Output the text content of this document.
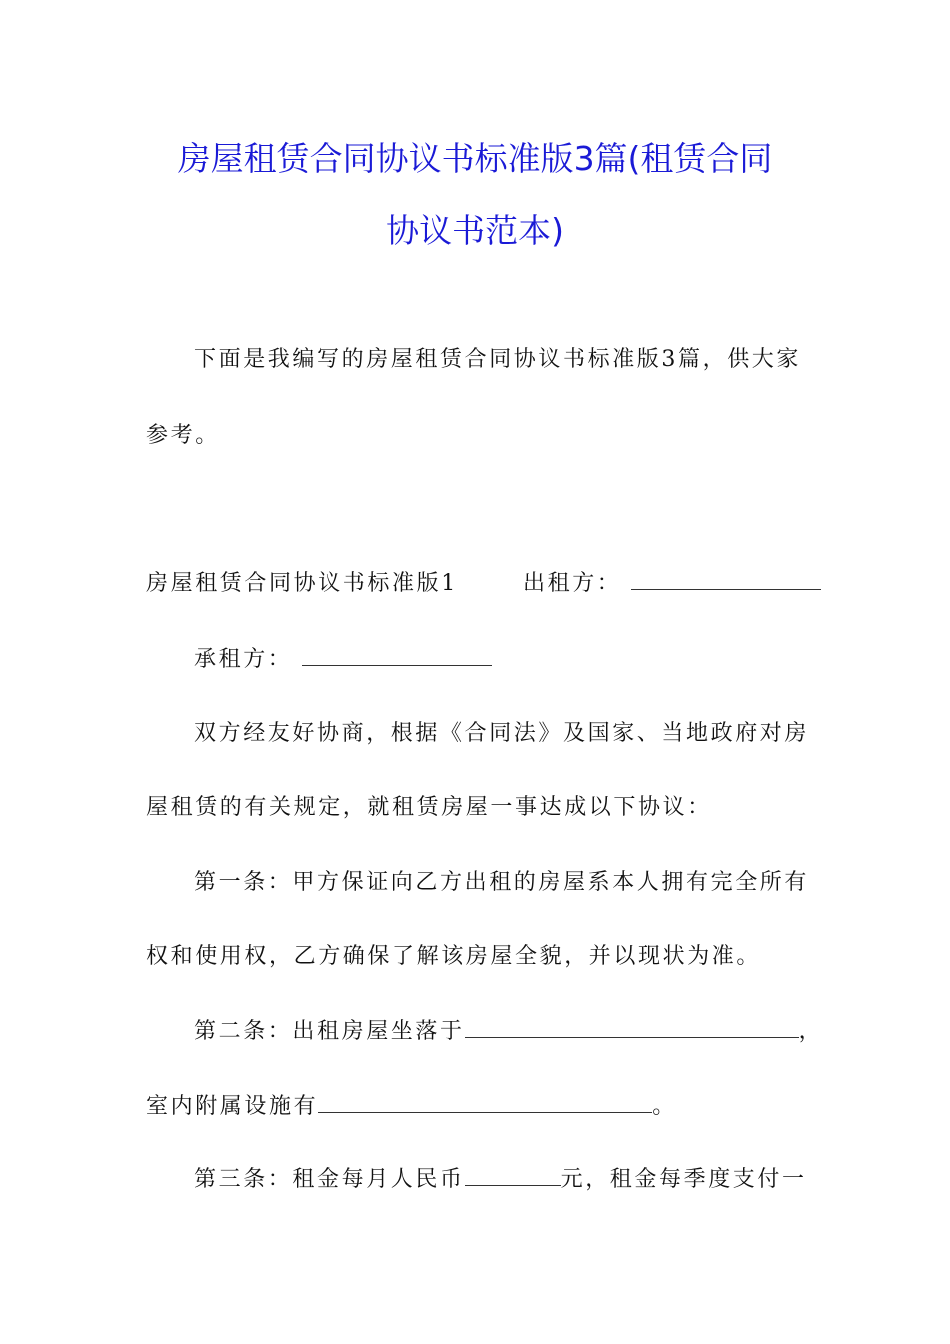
房屋租赁合同协议书标准版3篇(租赁合同
协议书范本)
下面是我编写的房屋租赁合同协议书标准版3篇，供大家
参考。
房屋租赁合同协议书标准版1	出租方：
承租方：
双方经友好协商，根据《合同法》及国家、当地政府对房
屋租赁的有关规定，就租赁房屋一事达成以下协议：
第一条：甲方保证向乙方出租的房屋系本人拥有完全所有
权和使用权，乙方确保了解该房屋全貌，并以现状为准。
第二条：出租房屋坐落于	，
室内附属设施有	。
第三条：租金每月人民币	元，租金每季度支付一
